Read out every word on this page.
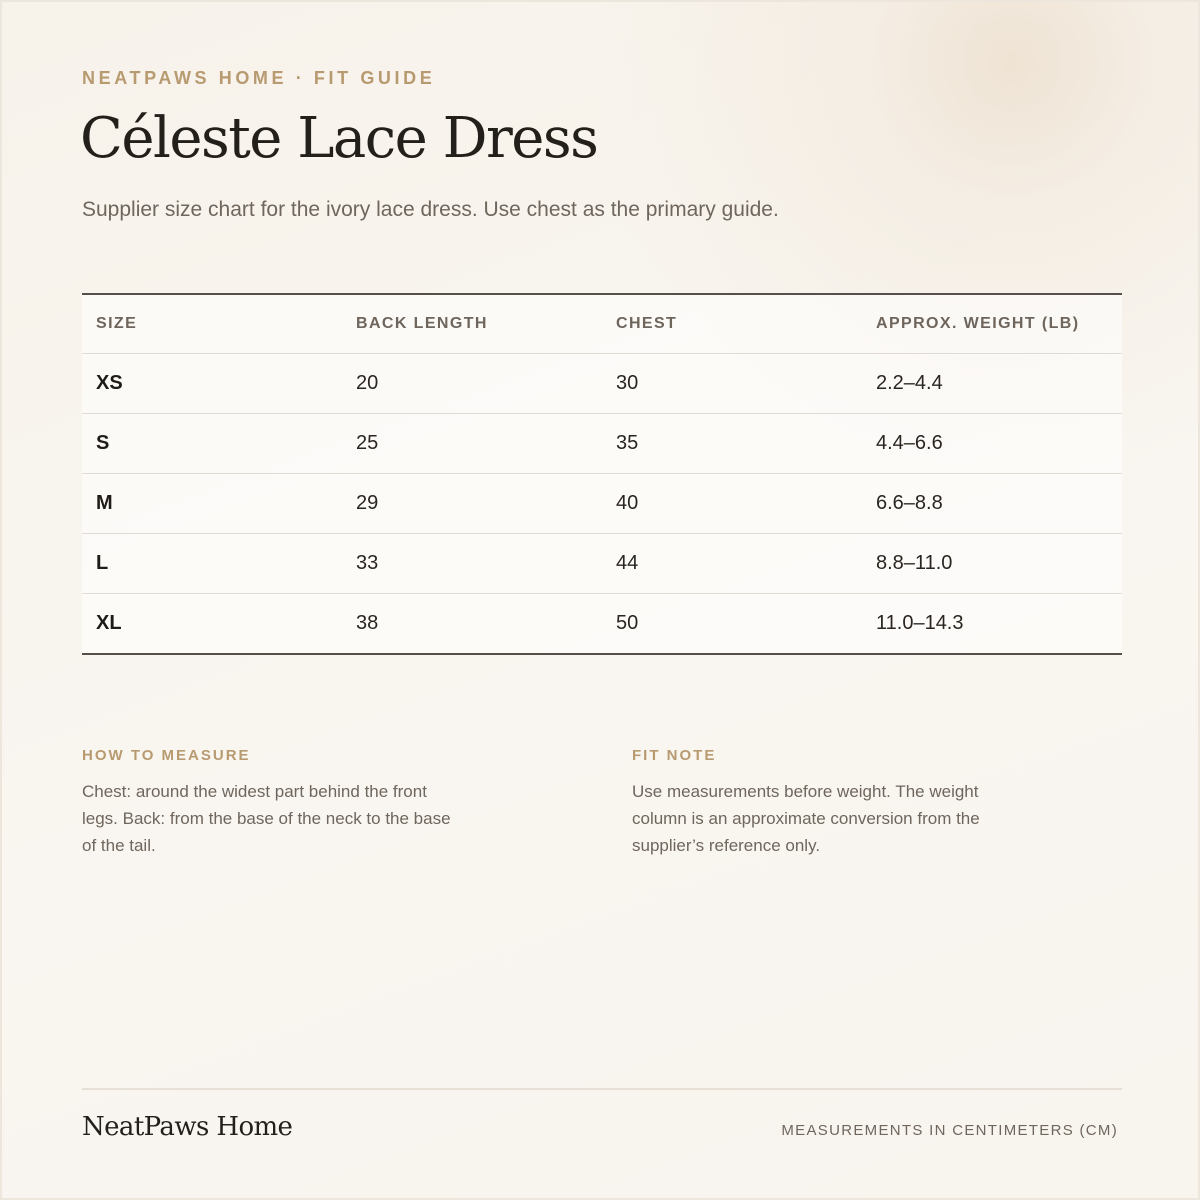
NEATPAWS HOME · FIT GUIDE
Céleste Lace Dress

Supplier size chart for the ivory lace dress. Use chest as the primary guide.

SIZE	BACK LENGTH	CHEST	APPROX. WEIGHT (LB)
XS	20	30	2.2–4.4
S	25	35	4.4–6.6
M	29	40	6.6–8.8
L	33	44	8.8–11.0
XL	38	50	11.0–14.3
HOW TO MEASURE

Chest: around the widest part behind the front legs. Back: from the base of the neck to the base of the tail.

FIT NOTE

Use measurements before weight. The weight column is an approximate conversion from the supplier’s reference only.

NeatPaws Home	MEASUREMENTS IN CENTIMETERS (CM)
